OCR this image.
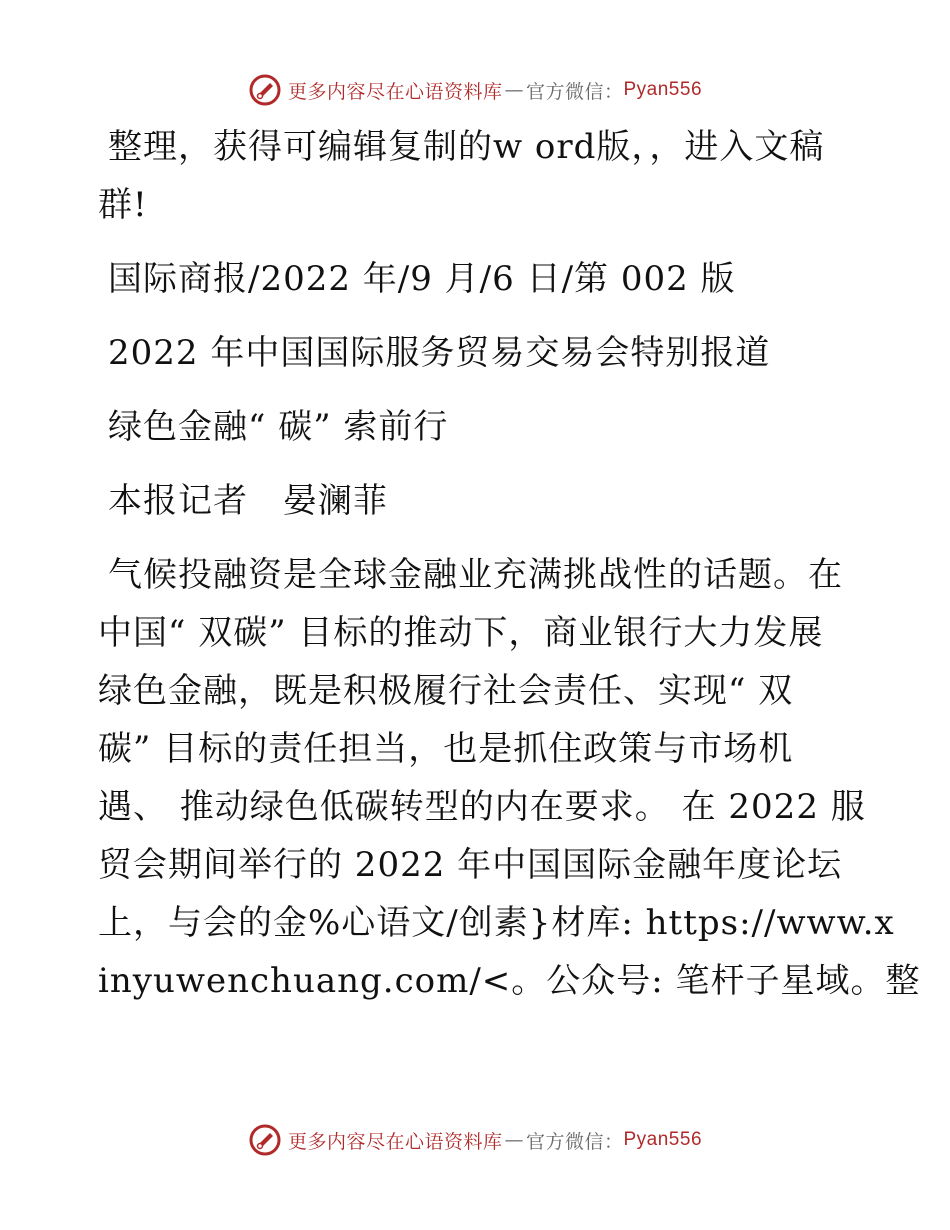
更多内容尽在心语资料库 — 官方微信： Pyan556

整理，获得可编辑复制的w ord版，，进入文稿
群!

国际商报/2022 年/9 月/6 日/第 002 版

2022 年中国国际服务贸易交易会特别报道

绿色金融“ 碳” 索前行

本报记者　晏澜菲

气候投融资是全球金融业充满挑战性的话题。在
中国“ 双碳” 目标的推动下，商业银行大力发展
绿色金融，既是积极履行社会责任、实现“ 双
碳” 目标的责任担当，也是抓住政策与市场机
遇、 推动绿色低碳转型的内在要求。 在 2022 服
贸会期间举行的 2022 年中国国际金融年度论坛
上，与会的金%心语文/创素}材库: https://www.x
inyuwenchuang.com/<。公众号: 笔杆子星域。整

更多内容尽在心语资料库 — 官方微信： Pyan556
